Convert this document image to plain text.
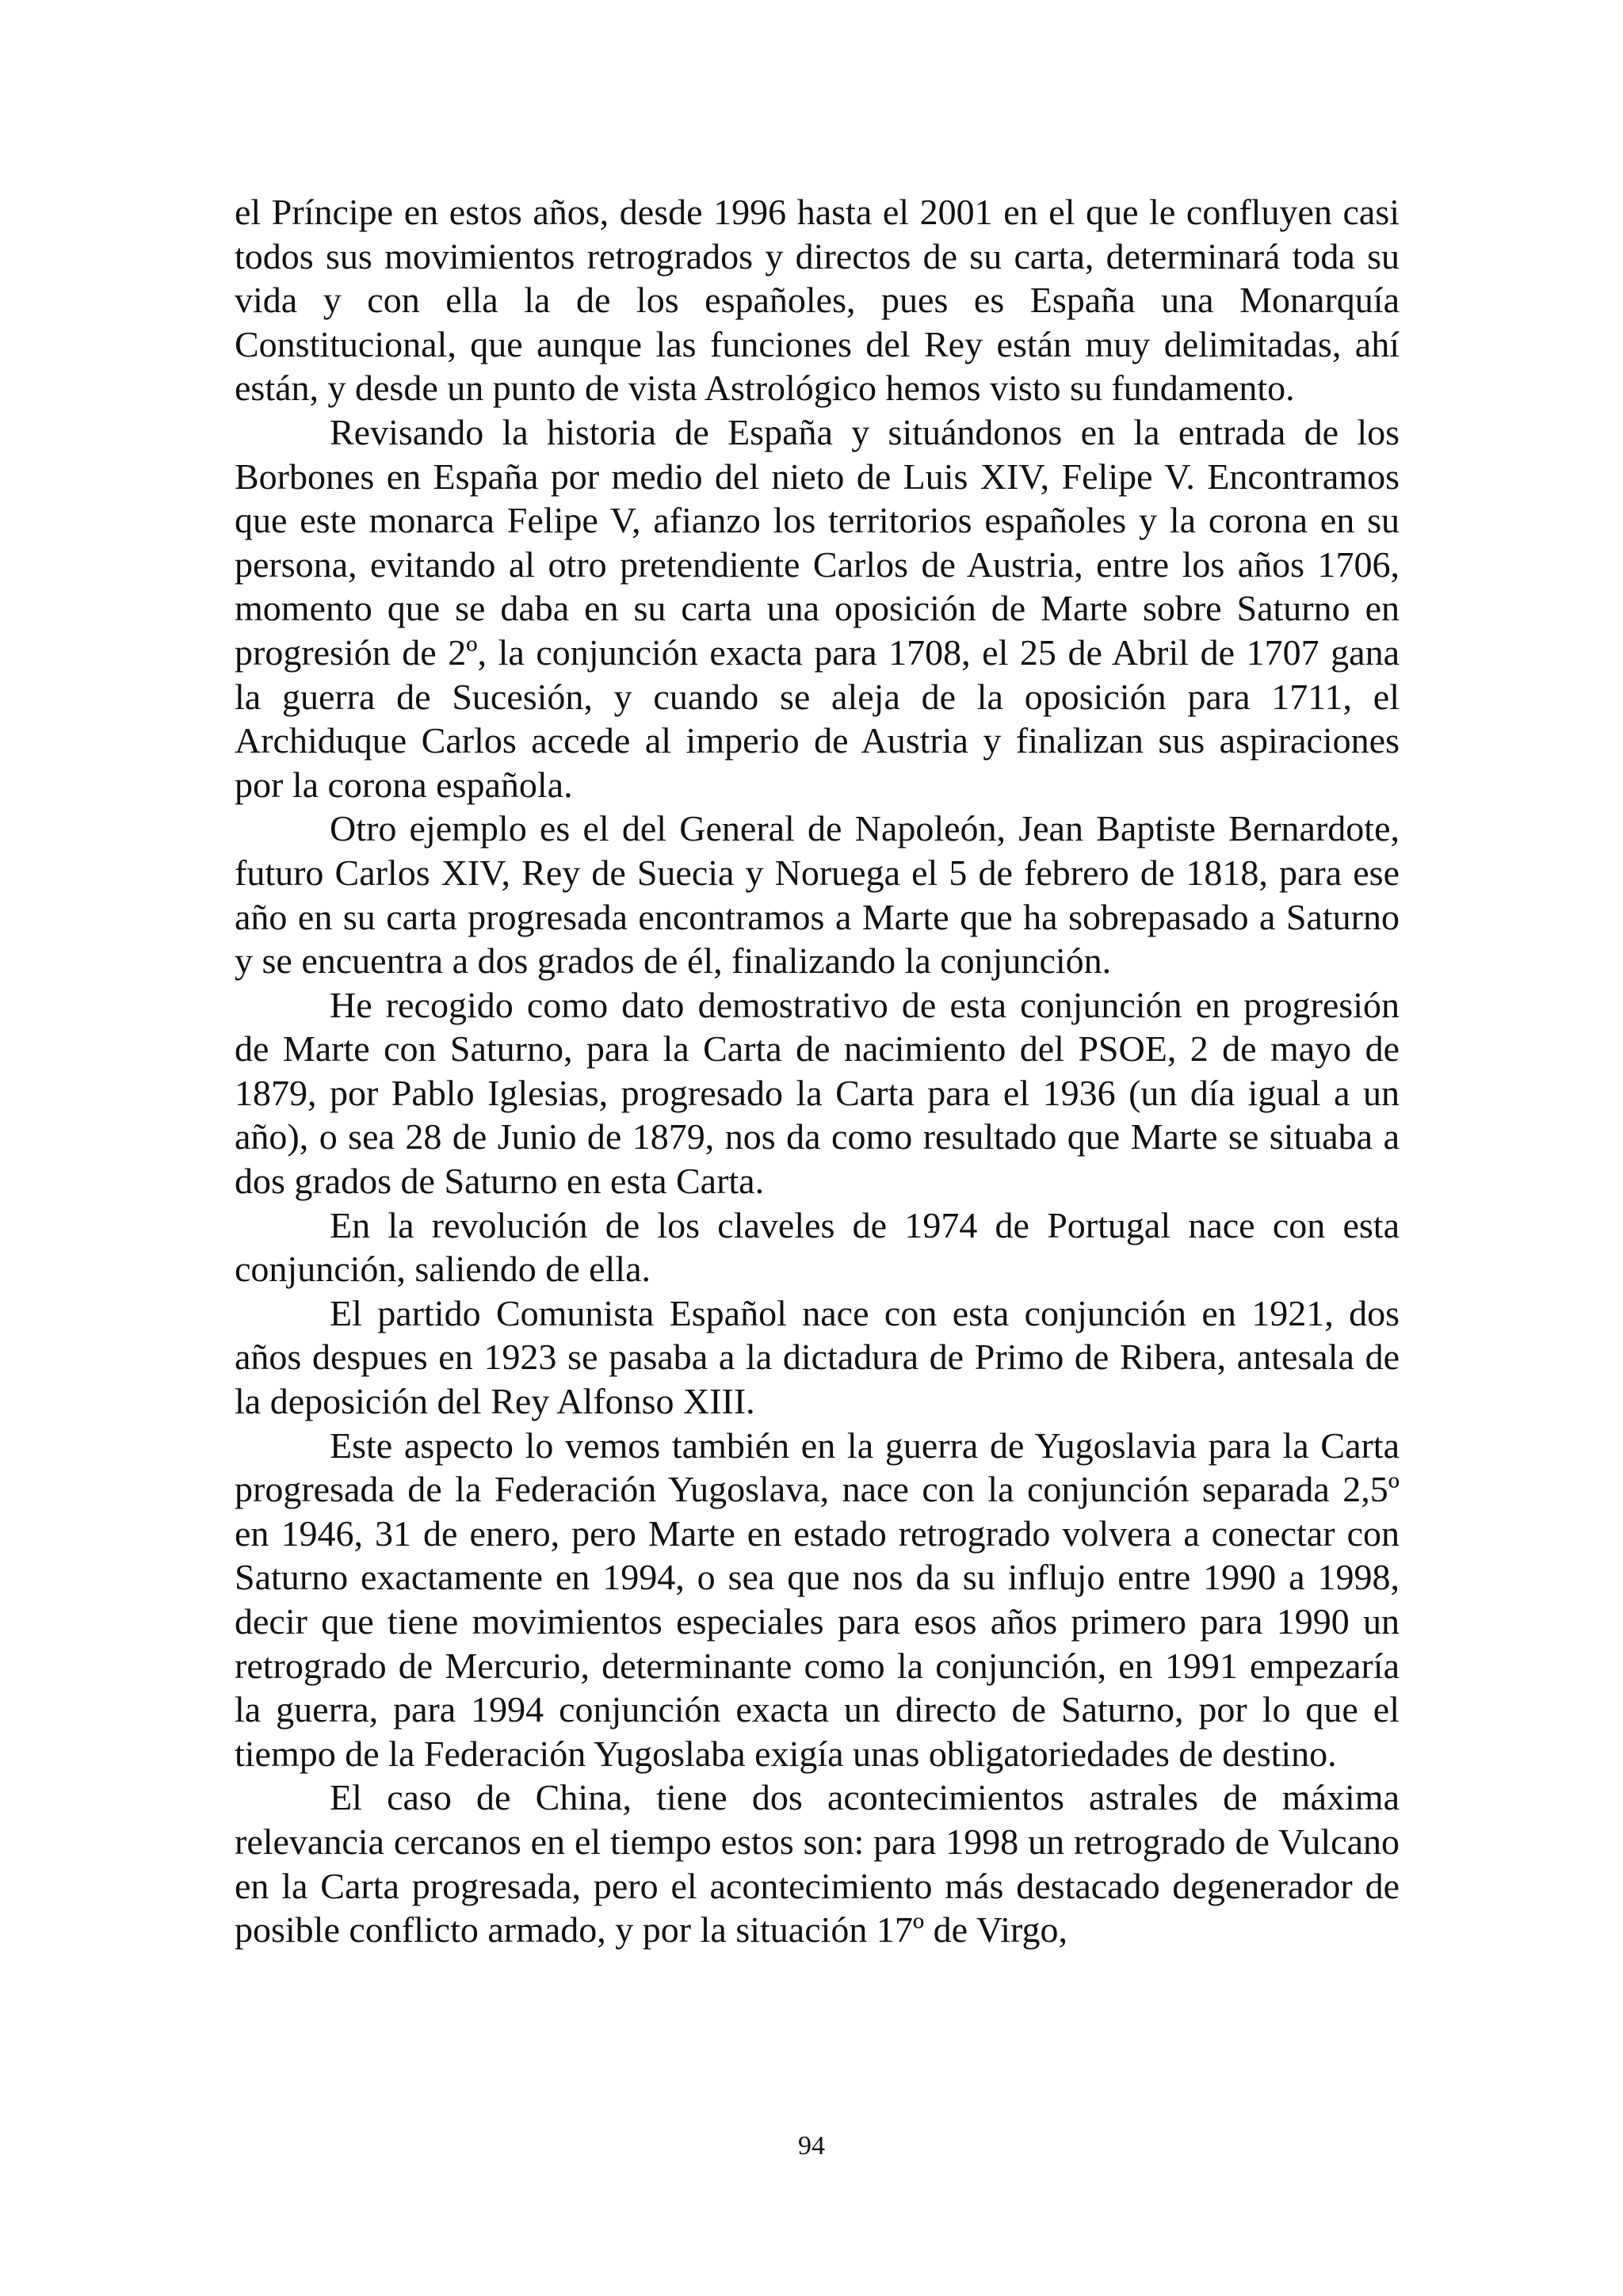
el Príncipe en estos años, desde 1996 hasta el 2001 en el que le confluyen casi todos sus movimientos retrogrados y directos de su carta, determinará toda su vida y con ella la de los españoles, pues es España una Monarquía Constitucional, que aunque las funciones del Rey están muy delimitadas, ahí están, y desde un punto de vista Astrológico hemos visto su fundamento.

Revisando la historia de España y situándonos en la entrada de los Borbones en España por medio del nieto de Luis XIV, Felipe V. Encontramos que este monarca Felipe V, afianzo los territorios españoles y la corona en su persona, evitando al otro pretendiente Carlos de Austria, entre los años 1706, momento que se daba en su carta una oposición de Marte sobre Saturno en progresión de 2º, la conjunción exacta para 1708, el 25 de Abril de 1707 gana la guerra de Sucesión, y cuando se aleja de la oposición para 1711, el Archiduque Carlos accede al imperio de Austria y finalizan sus aspiraciones por la corona española.

Otro ejemplo es el del General de Napoleón, Jean Baptiste Bernardote, futuro Carlos XIV, Rey de Suecia y Noruega el 5 de febrero de 1818, para ese año en su carta progresada encontramos a Marte que ha sobrepasado a Saturno y se encuentra a dos grados de él, finalizando la conjunción.

He recogido como dato demostrativo de esta conjunción en progresión de Marte con Saturno, para la Carta de nacimiento del PSOE, 2 de mayo de 1879, por Pablo Iglesias, progresado la Carta para el 1936 (un día igual a un año), o sea 28 de Junio de 1879, nos da como resultado que Marte se situaba a dos grados de Saturno en esta Carta.

En la revolución de los claveles de 1974 de Portugal nace con esta conjunción, saliendo de ella.

El partido Comunista Español nace con esta conjunción en 1921, dos años despues en 1923 se pasaba a la dictadura de Primo de Ribera, antesala de la deposición del Rey Alfonso XIII.

Este aspecto lo vemos también en la guerra de Yugoslavia para la Carta progresada de la Federación Yugoslava, nace con la conjunción separada 2,5º en 1946, 31 de enero, pero Marte en estado retrogrado volvera a conectar con Saturno exactamente en 1994, o sea que nos da su influjo entre 1990 a 1998, decir que tiene movimientos especiales para esos años primero para 1990 un retrogrado de Mercurio, determinante como la conjunción, en 1991 empezaría la guerra, para 1994 conjunción exacta un directo de Saturno, por lo que el tiempo de la Federación Yugoslaba exigía unas obligatoriedades de destino.

El caso de China, tiene dos acontecimientos astrales de máxima relevancia cercanos en el tiempo estos son: para 1998 un retrogrado de Vulcano en la Carta progresada, pero el acontecimiento más destacado degenerador de posible conflicto armado, y por la situación 17º de Virgo,

94
